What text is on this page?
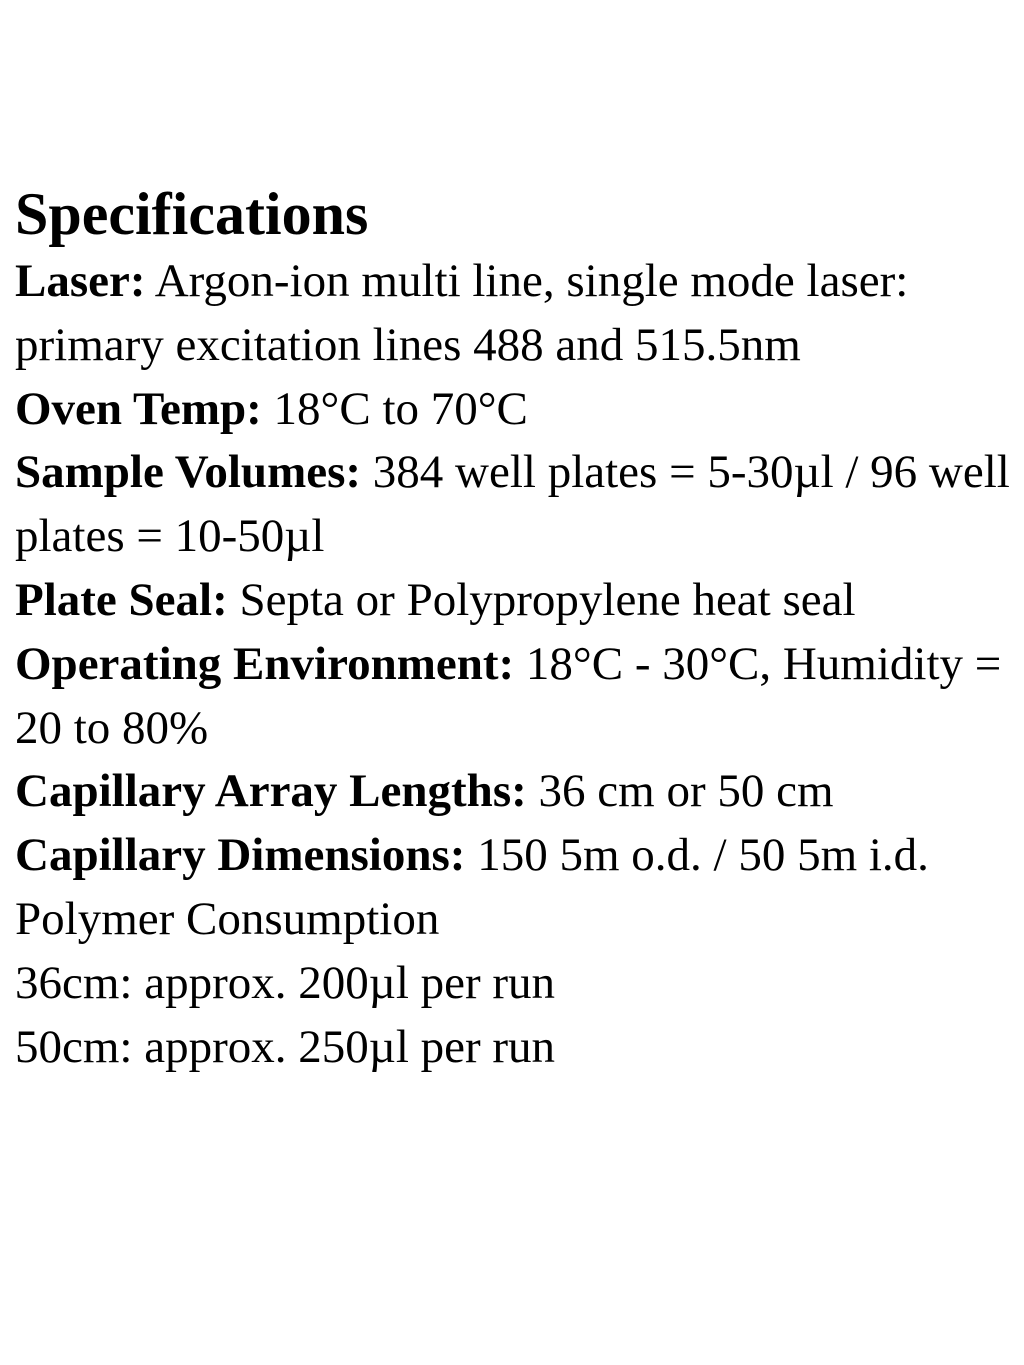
Specifications

Laser: Argon-ion multi line, single mode laser: primary excitation lines 488 and 515.5nm

Oven Temp: 18°C to 70°C

Sample Volumes: 384 well plates = 5-30µl / 96 well plates = 10-50µl

Plate Seal: Septa or Polypropylene heat seal

Operating Environment: 18°C - 30°C, Humidity = 20 to 80%

Capillary Array Lengths: 36 cm or 50 cm

Capillary Dimensions: 150 5m o.d. / 50 5m i.d.

Polymer Consumption

36cm: approx. 200µl per run

50cm: approx. 250µl per run
